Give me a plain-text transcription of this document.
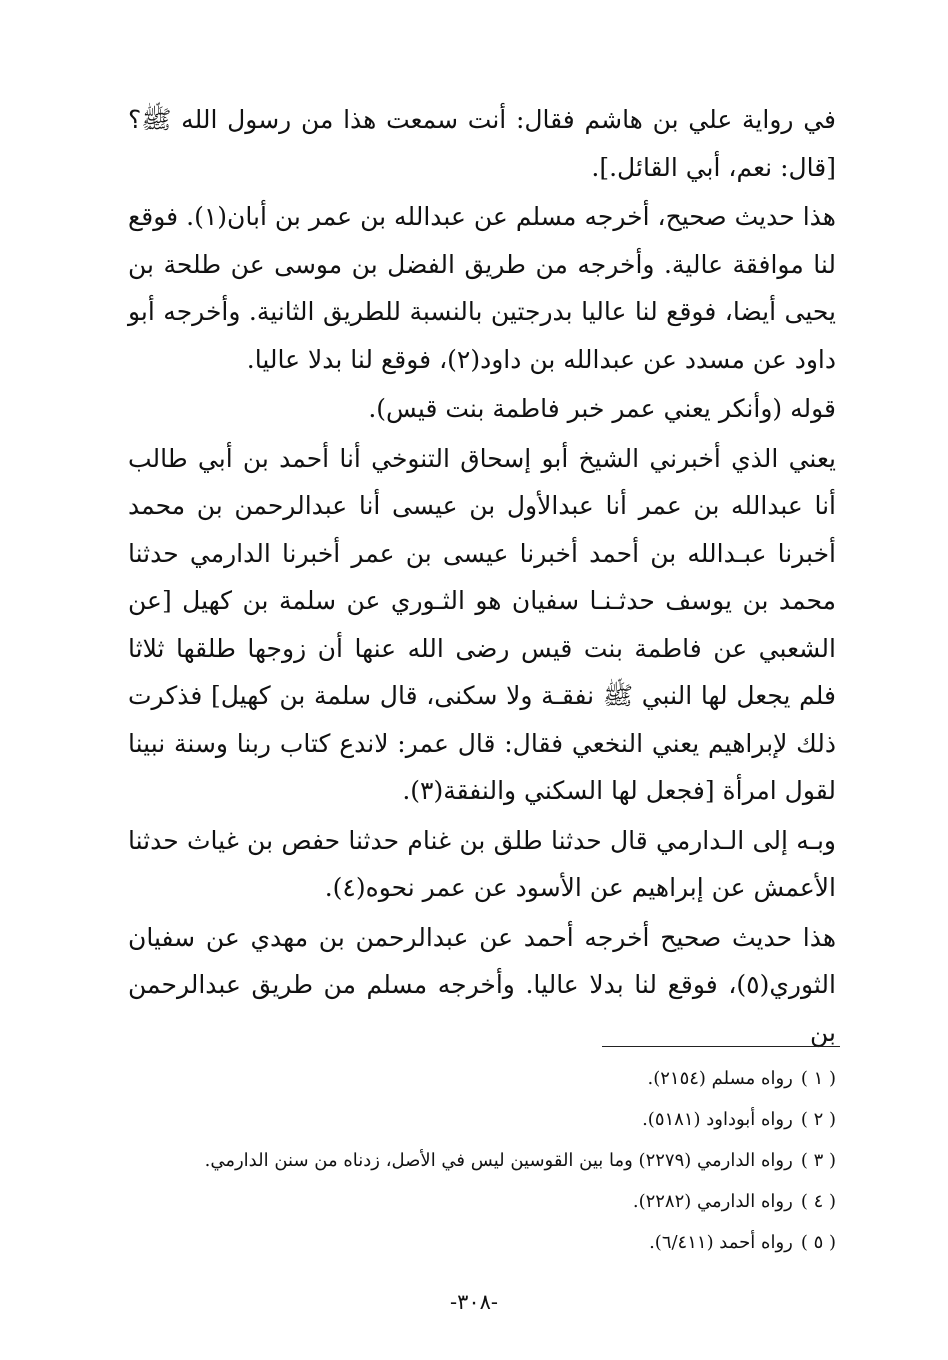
في رواية علي بن هاشم فقال: أنت سمعت هذا من رسول الله ﷺ؟ [قال: نعم، أبي القائل.].

هذا حديث صحيح، أخرجه مسلم عن عبدالله بن عمر بن أبان(١). فوقع لنا موافقة عالية. وأخرجه من طريق الفضل بن موسى عن طلحة بن يحيى أيضا، فوقع لنا عاليا بدرجتين بالنسبة للطريق الثانية. وأخرجه أبو داود عن مسدد عن عبدالله بن داود(٢)، فوقع لنا بدلا عاليا.

قوله (وأنكر يعني عمر خبر فاطمة بنت قيس).

يعني الذي أخبرني الشيخ أبو إسحاق التنوخي أنا أحمد بن أبي طالب أنا عبدالله بن عمر أنا عبدالأول بن عيسى أنا عبدالرحمن بن محمد أخبرنا عبـدالله بن أحمد أخبرنا عيسى بن عمر أخبرنا الدارمي حدثنا محمد بن يوسف حدثـنـا سفيان هو الثـوري عن سلمة بن كهيل [عن الشعبي عن فاطمة بنت قيس رضى الله عنها أن زوجها طلقها ثلاثا فلم يجعل لها النبي ﷺ نفقـة ولا سكنى، قال سلمة بن كهيل] فذكرت ذلك لإبراهيم يعني النخعي فقال: قال عمر: لاندع كتاب ربنا وسنة نبينا لقول امرأة [فجعل لها السكني والنفقة(٣).

وبـه إلى الـدارمي قال حدثنا طلق بن غنام حدثنا حفص بن غياث حدثنا الأعمش عن إبراهيم عن الأسود عن عمر نحوه(٤).

هذا حديث صحيح أخرجه أحمد عن عبدالرحمن بن مهدي عن سفيان الثوري(٥)، فوقع لنا بدلا عاليا. وأخرجه مسلم من طريق عبدالرحمن بن

( ١ )رواه مسلم (٢١٥٤).

( ٢ )رواه أبوداود (٥١٨١).

( ٣ )رواه الدارمي (٢٢٧٩) وما بين القوسين ليس في الأصل، زدناه من سنن الدارمي.

( ٤ )رواه الدارمي (٢٢٨٢).

( ٥ )رواه أحمد (٦/٤١١).

-٣٠٨-
